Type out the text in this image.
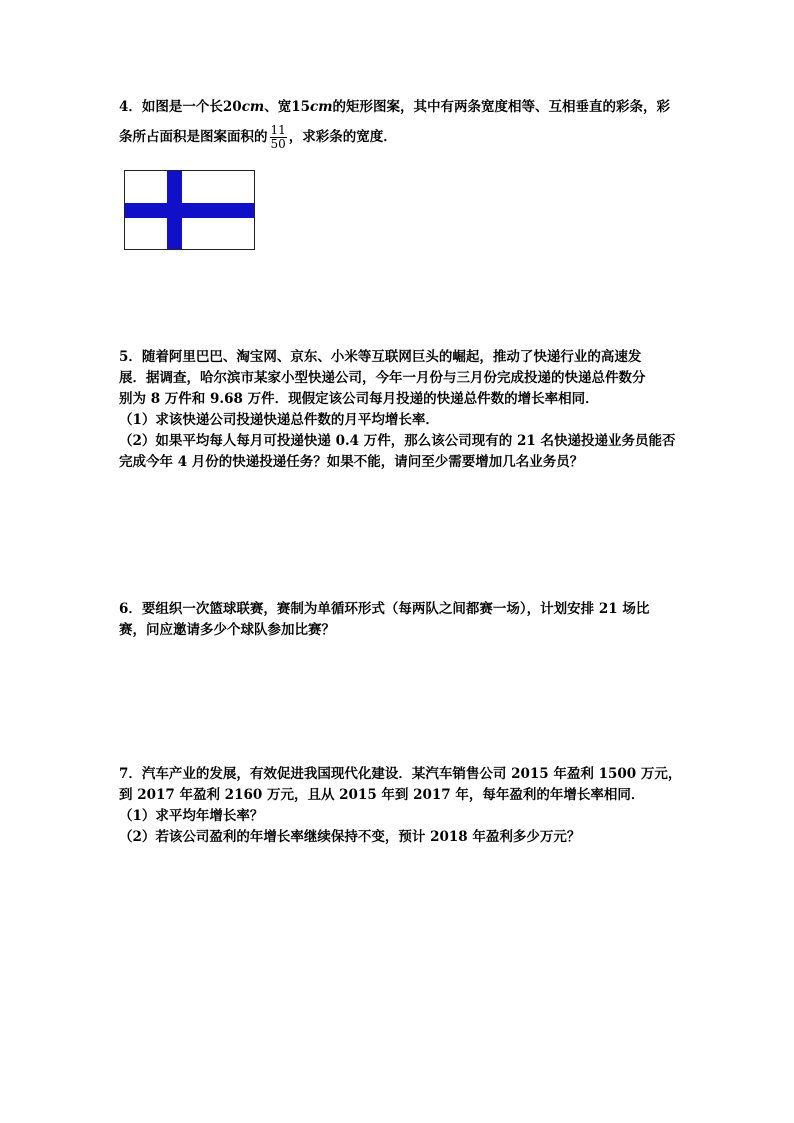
4．如图是一个长20cm、宽15cm的矩形图案，其中有两条宽度相等、互相垂直的彩条，彩
条所占面积是图案面积的 $\frac{11}{50}$ ，求彩条的宽度．
5．随着阿里巴巴、淘宝网、京东、小米等互联网巨头的崛起，推动了快递行业的高速发
展．据调查，哈尔滨市某家小型快递公司，今年一月份与三月份完成投递的快递总件数分
别为 8 万件和 9.68 万件．现假定该公司每月投递的快递总件数的增长率相同．
（1）求该快递公司投递快递总件数的月平均增长率．
（2）如果平均每人每月可投递快递 0.4 万件，那么该公司现有的 21 名快递投递业务员能否
完成今年 4 月份的快递投递任务？如果不能，请问至少需要增加几名业务员？
6．要组织一次篮球联赛，赛制为单循环形式（每两队之间都赛一场），计划安排 21 场比
赛，问应邀请多少个球队参加比赛？
7．汽车产业的发展，有效促进我国现代化建设．某汽车销售公司 2015 年盈利 1500 万元，
到 2017 年盈利 2160 万元，且从 2015 年到 2017 年，每年盈利的年增长率相同．
（1）求平均年增长率？
（2）若该公司盈利的年增长率继续保持不变，预计 2018 年盈利多少万元？
